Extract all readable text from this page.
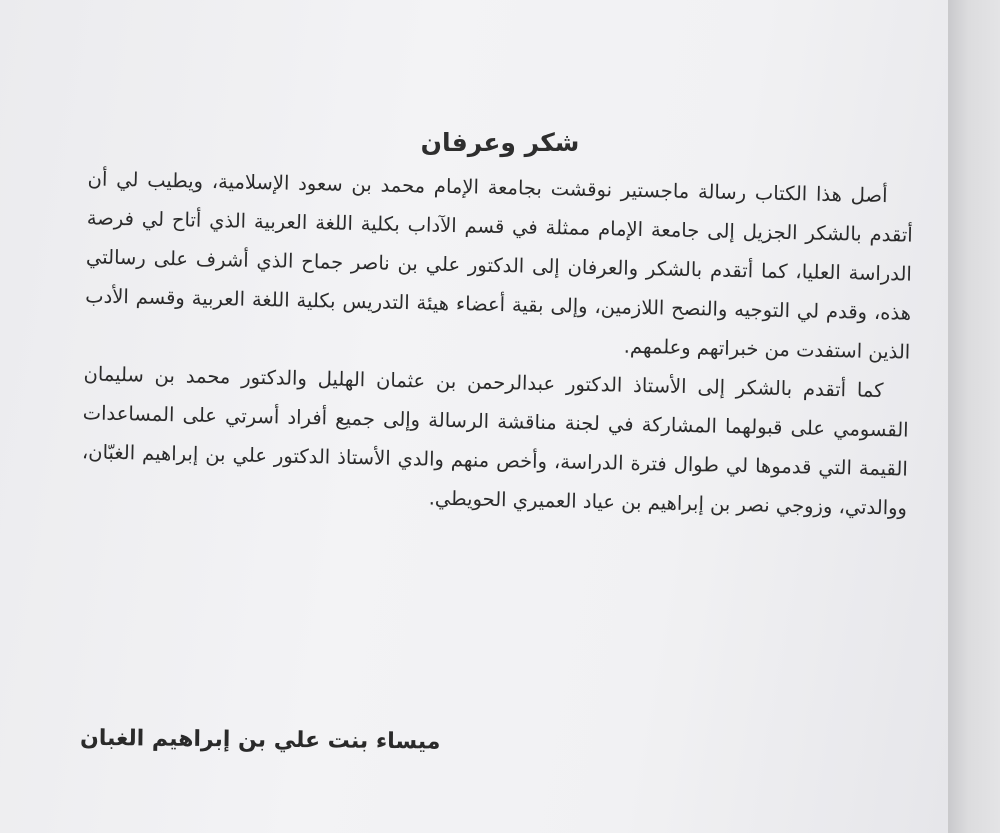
شكر وعرفان

أصل هذا الكتاب رسالة ماجستير نوقشت بجامعة الإمام محمد بن سعود الإسلامية، ويطيب لي أن أتقدم بالشكر الجزيل إلى جامعة الإمام ممثلة في قسم الآداب بكلية اللغة العربية الذي أتاح لي فرصة الدراسة العليا، كما أتقدم بالشكر والعرفان إلى الدكتور علي بن ناصر جماح الذي أشرف على رسالتي هذه، وقدم لي التوجيه والنصح اللازمين، وإلى بقية أعضاء هيئة التدريس بكلية اللغة العربية وقسم الأدب الذين استفدت من خبراتهم وعلمهم.

كما أتقدم بالشكر إلى الأستاذ الدكتور عبدالرحمن بن عثمان الهليل والدكتور محمد بن سليمان القسومي على قبولهما المشاركة في لجنة مناقشة الرسالة وإلى جميع أفراد أسرتي على المساعدات القيمة التي قدموها لي طوال فترة الدراسة، وأخص منهم والدي الأستاذ الدكتور علي بن إبراهيم الغبّان، ووالدتي، وزوجي نصر بن إبراهيم بن عياد العميري الحويطي.

ميساء بنت علي بن إبراهيم الغبان
